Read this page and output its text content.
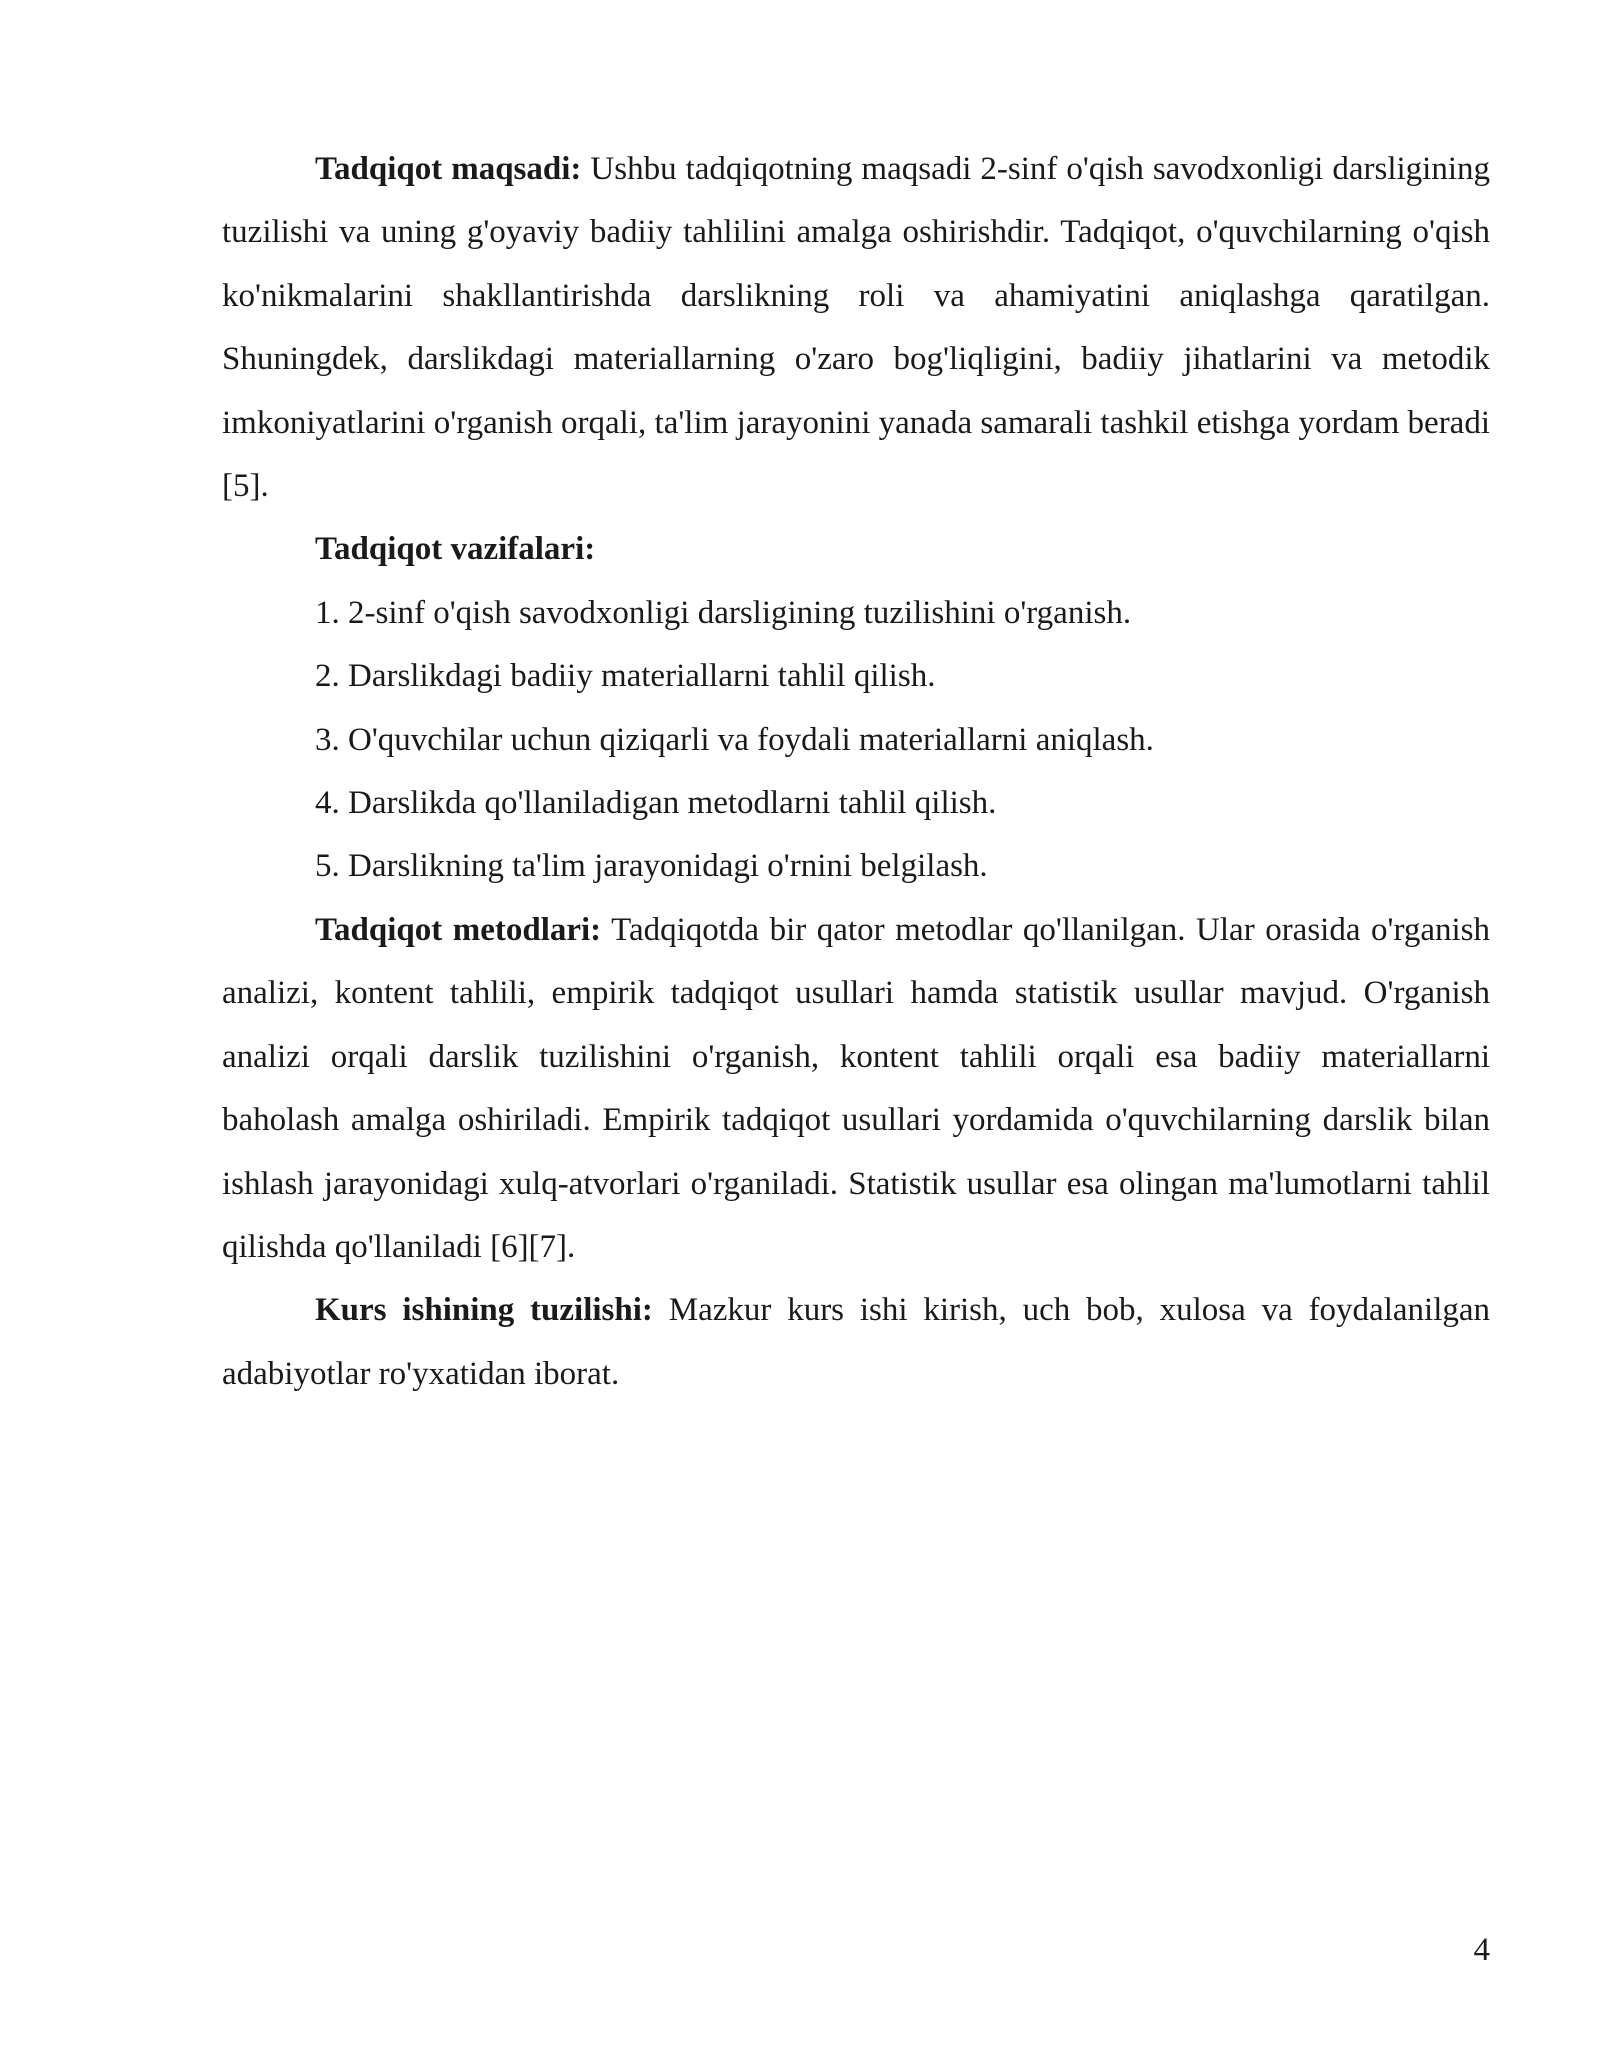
Tadqiqot maqsadi: Ushbu tadqiqotning maqsadi 2-sinf o'qish savodxonligi darsligining tuzilishi va uning g'oyaviy badiiy tahlilini amalga oshirishdir. Tadqiqot, o'quvchilarning o'qish ko'nikmalarini shakllantirishda darslikning roli va ahamiyatini aniqlashga qaratilgan. Shuningdek, darslikdagi materiallarning o'zaro bog'liqligini, badiiy jihatlarini va metodik imkoniyatlarini o'rganish orqali, ta'lim jarayonini yanada samarali tashkil etishga yordam beradi [5].

Tadqiqot vazifalari:

1. 2-sinf o'qish savodxonligi darsligining tuzilishini o'rganish.

2. Darslikdagi badiiy materiallarni tahlil qilish.

3. O'quvchilar uchun qiziqarli va foydali materiallarni aniqlash.

4. Darslikda qo'llaniladigan metodlarni tahlil qilish.

5. Darslikning ta'lim jarayonidagi o'rnini belgilash.

Tadqiqot metodlari: Tadqiqotda bir qator metodlar qo'llanilgan. Ular orasida o'rganish analizi, kontent tahlili, empirik tadqiqot usullari hamda statistik usullar mavjud. O'rganish analizi orqali darslik tuzilishini o'rganish, kontent tahlili orqali esa badiiy materiallarni baholash amalga oshiriladi. Empirik tadqiqot usullari yordamida o'quvchilarning darslik bilan ishlash jarayonidagi xulq-atvorlari o'rganiladi. Statistik usullar esa olingan ma'lumotlarni tahlil qilishda qo'llaniladi [6][7].

Kurs ishining tuzilishi: Mazkur kurs ishi kirish, uch bob, xulosa va foydalanilgan adabiyotlar ro'yxatidan iborat.

4
